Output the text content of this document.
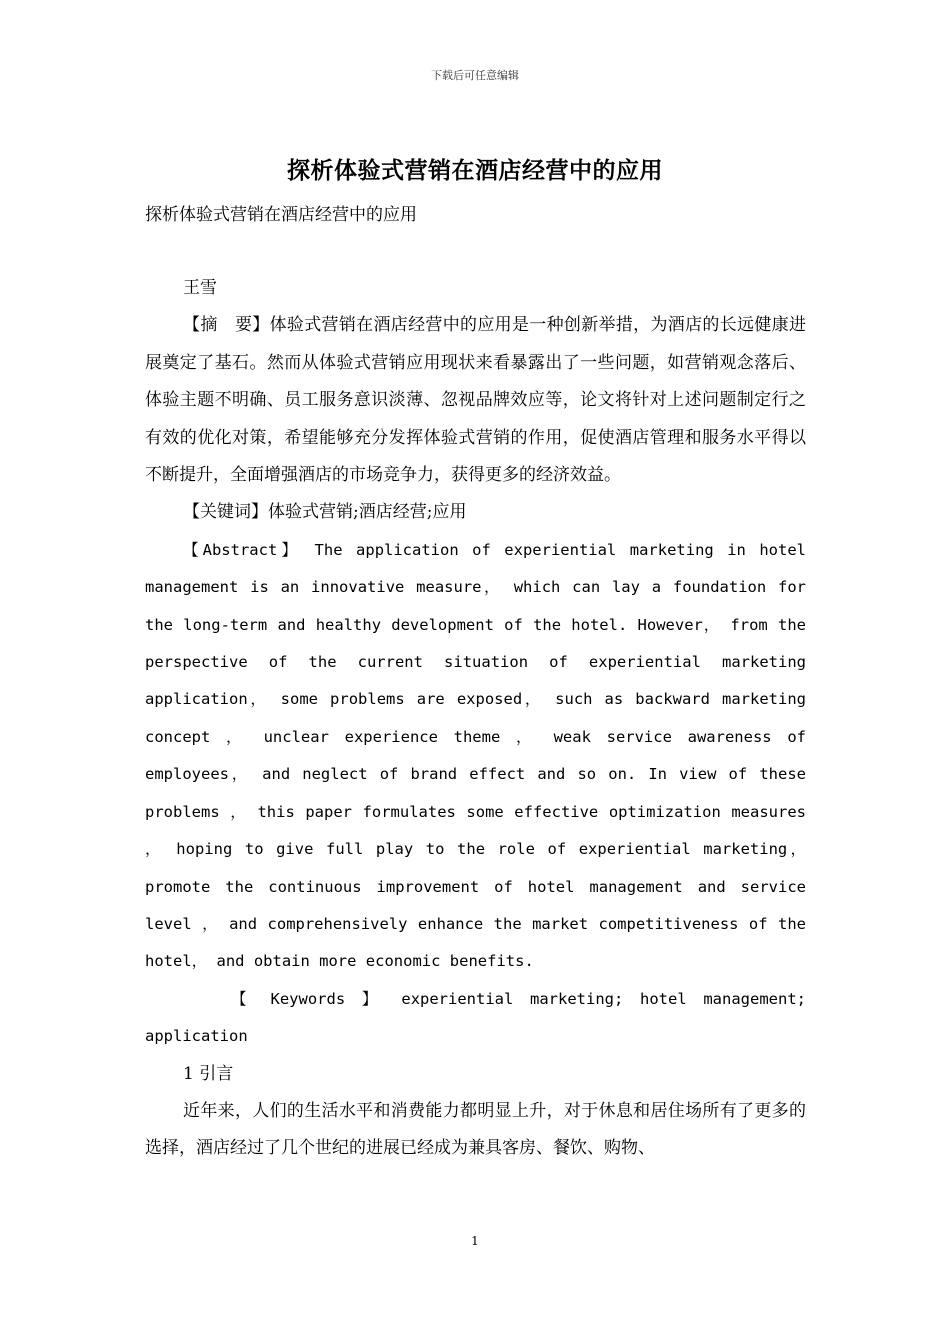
下载后可任意编辑
探析体验式营销在酒店经营中的应用
探析体验式营销在酒店经营中的应用

王雪

【摘　要】体验式营销在酒店经营中的应用是一种创新举措，为酒店的长远健康进展奠定了基石。然而从体验式营销应用现状来看暴露出了一些问题，如营销观念落后、体验主题不明确、员工服务意识淡薄、忽视品牌效应等，论文将针对上述问题制定行之有效的优化对策，希望能够充分发挥体验式营销的作用，促使酒店管理和服务水平得以不断提升，全面增强酒店的市场竞争力，获得更多的经济效益。

【关键词】体验式营销;酒店经营;应用

【Abstract】 The application of experiential marketing in hotel management is an innovative measure， which can lay a foundation for the long-term and healthy development of the hotel. However， from the perspective of the current situation of experiential marketing application， some problems are exposed， such as backward marketing concept ， unclear experience theme ， weak service awareness of employees， and neglect of brand effect and so on. In view of these problems ， this paper formulates some effective optimization measures ， hoping to give full play to the role of experiential marketing， promote the continuous improvement of hotel management and service level ， and comprehensively enhance the market competitiveness of the hotel， and obtain more economic benefits.

【 Keywords 】 experiential marketing; hotel management; application

1 引言

近年来，人们的生活水平和消费能力都明显上升，对于休息和居住场所有了更多的选择，酒店经过了几个世纪的进展已经成为兼具客房、餐饮、购物、

1
